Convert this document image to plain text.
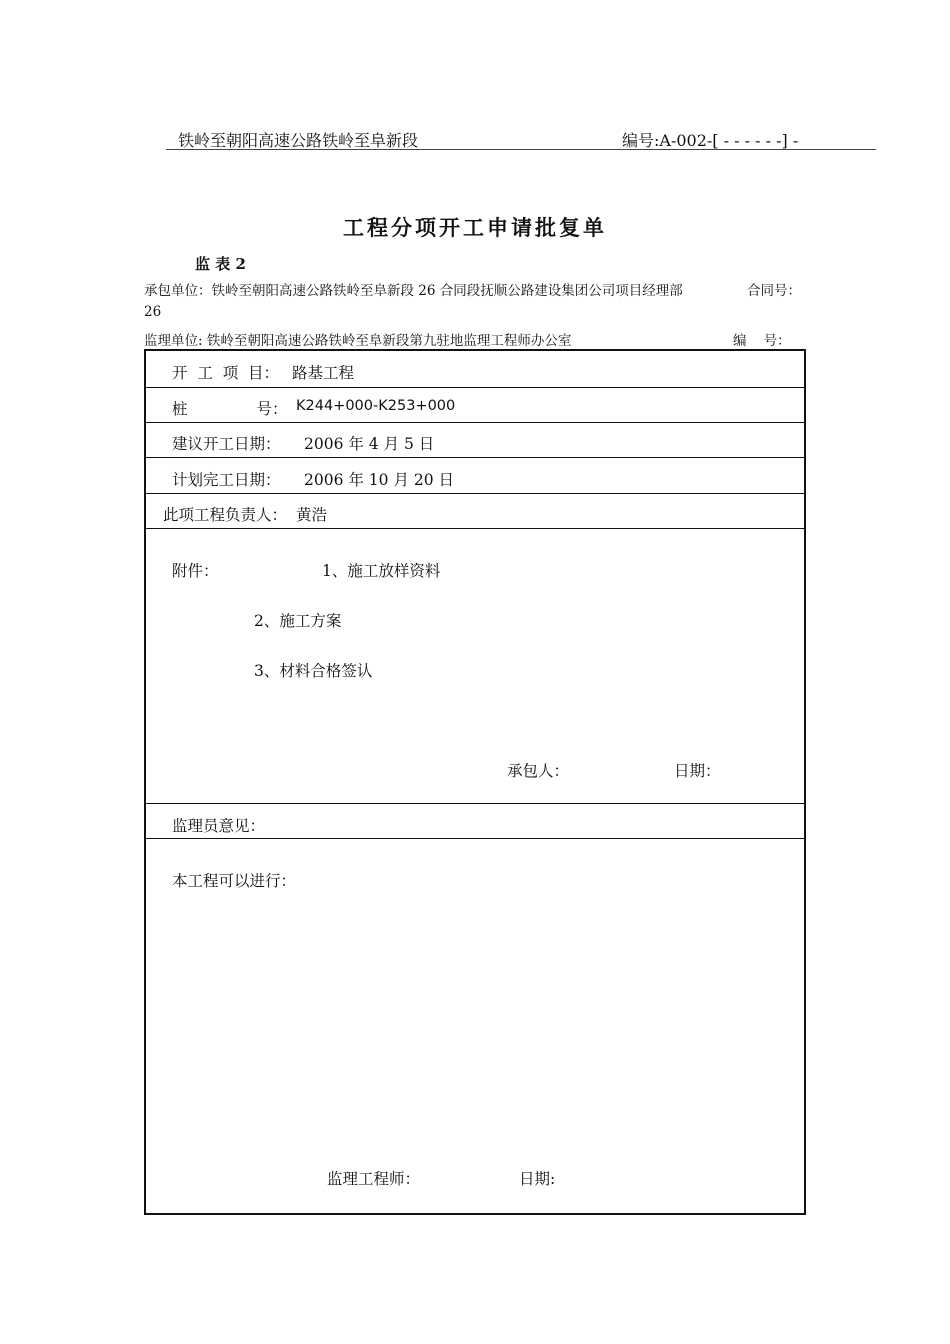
铁岭至朝阳高速公路铁岭至阜新段	编号:A-002-[ - - - - - -] -
工程分项开工申请批复单
监 表 2
承包单位：铁岭至朝阳高速公路铁岭至阜新段 26 合同段抚顺公路建设集团公司项目经理部	合同号：
26
监理单位: 铁岭至朝阳高速公路铁岭至阜新段第九驻地监理工程师办公室	编    号：
开  工  项  目： 路基工程
桩              号： K244+000-K253+000
建议开工日期： 2006 年 4 月 5 日
计划完工日期： 2006 年 10 月 20 日
此项工程负责人： 黄浩
附件：	1、施工放样资料
2、施工方案
3、材料合格签认
承包人：	日期：
监理员意见：
本工程可以进行：
监理工程师：	日期:
